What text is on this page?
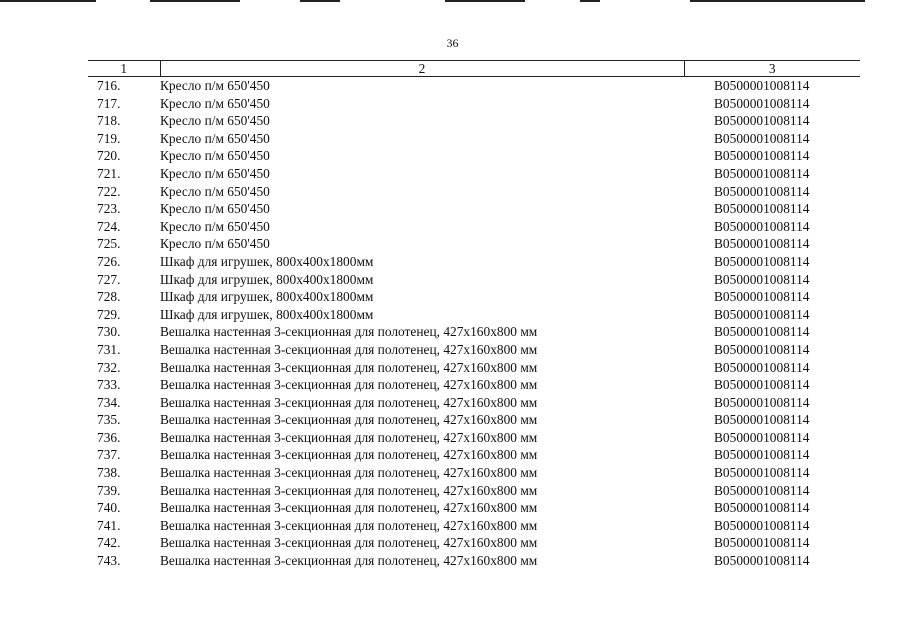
36
1	2	3
716.	Кресло п/м 650'450	В0500001008114
717.	Кресло п/м 650'450	В0500001008114
718.	Кресло п/м 650'450	В0500001008114
719.	Кресло п/м 650'450	В0500001008114
720.	Кресло п/м 650'450	В0500001008114
721.	Кресло п/м 650'450	В0500001008114
722.	Кресло п/м 650'450	В0500001008114
723.	Кресло п/м 650'450	В0500001008114
724.	Кресло п/м 650'450	В0500001008114
725.	Кресло п/м 650'450	В0500001008114
726.	Шкаф для игрушек, 800х400х1800мм	В0500001008114
727.	Шкаф для игрушек, 800х400х1800мм	В0500001008114
728.	Шкаф для игрушек, 800х400х1800мм	В0500001008114
729.	Шкаф для игрушек, 800х400х1800мм	В0500001008114
730.	Вешалка настенная 3-секционная для полотенец, 427х160х800 мм	В0500001008114
731.	Вешалка настенная 3-секционная для полотенец, 427х160х800 мм	В0500001008114
732.	Вешалка настенная 3-секционная для полотенец, 427х160х800 мм	В0500001008114
733.	Вешалка настенная 3-секционная для полотенец, 427х160х800 мм	В0500001008114
734.	Вешалка настенная 3-секционная для полотенец, 427х160х800 мм	В0500001008114
735.	Вешалка настенная 3-секционная для полотенец, 427х160х800 мм	В0500001008114
736.	Вешалка настенная 3-секционная для полотенец, 427х160х800 мм	В0500001008114
737.	Вешалка настенная 3-секционная для полотенец, 427х160х800 мм	В0500001008114
738.	Вешалка настенная 3-секционная для полотенец, 427х160х800 мм	В0500001008114
739.	Вешалка настенная 3-секционная для полотенец, 427х160х800 мм	В0500001008114
740.	Вешалка настенная 3-секционная для полотенец, 427х160х800 мм	В0500001008114
741.	Вешалка настенная 3-секционная для полотенец, 427х160х800 мм	В0500001008114
742.	Вешалка настенная 3-секционная для полотенец, 427х160х800 мм	В0500001008114
743.	Вешалка настенная 3-секционная для полотенец, 427х160х800 мм	В0500001008114
